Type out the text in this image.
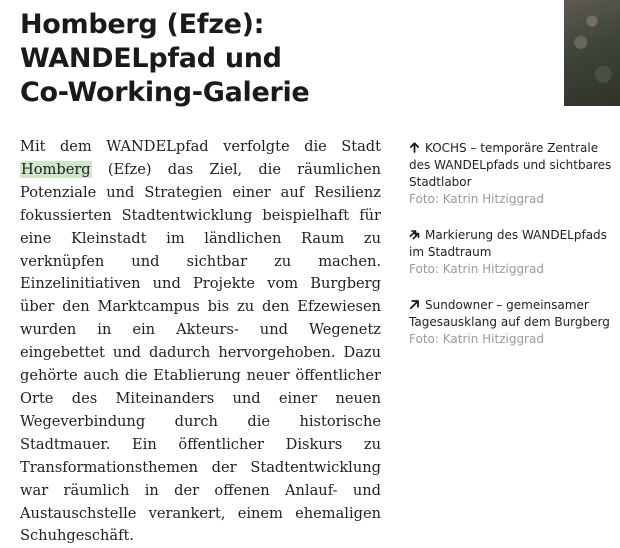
Homberg (Efze):
WANDELpfad und
Co-Working-Galerie

Mit dem WANDELpfad verfolgte die Stadt Homberg (Efze) das Ziel, die räumlichen Potenziale und Strategien einer auf Resilienz fokussierten Stadtentwicklung beispielhaft für eine Kleinstadt im ländlichen Raum zu verknüpfen und sichtbar zu machen. Einzelinitiativen und Projekte vom Burgberg über den Marktcampus bis zu den Efzewiesen wurden in ein Akteurs- und Wegenetz eingebettet und dadurch hervorgehoben. Dazu gehörte auch die Etablierung neuer öffentlicher Orte des Miteinanders und einer neuen Wegeverbindung durch die historische Stadtmauer. Ein öffentlicher Diskurs zu Transformationsthemen der Stadtentwicklung war räumlich in der offenen Anlauf- und Austauschstelle verankert, einem ehemaligen Schuhgeschäft.

KOCHS – temporäre Zentrale des WANDELpfads und sichtbares Stadtlabor
Foto: Katrin Hitziggrad
Markierung des WANDELpfads im Stadtraum
Foto: Katrin Hitziggrad
Sundowner – gemeinsamer Tagesausklang auf dem Burgberg
Foto: Katrin Hitziggrad
